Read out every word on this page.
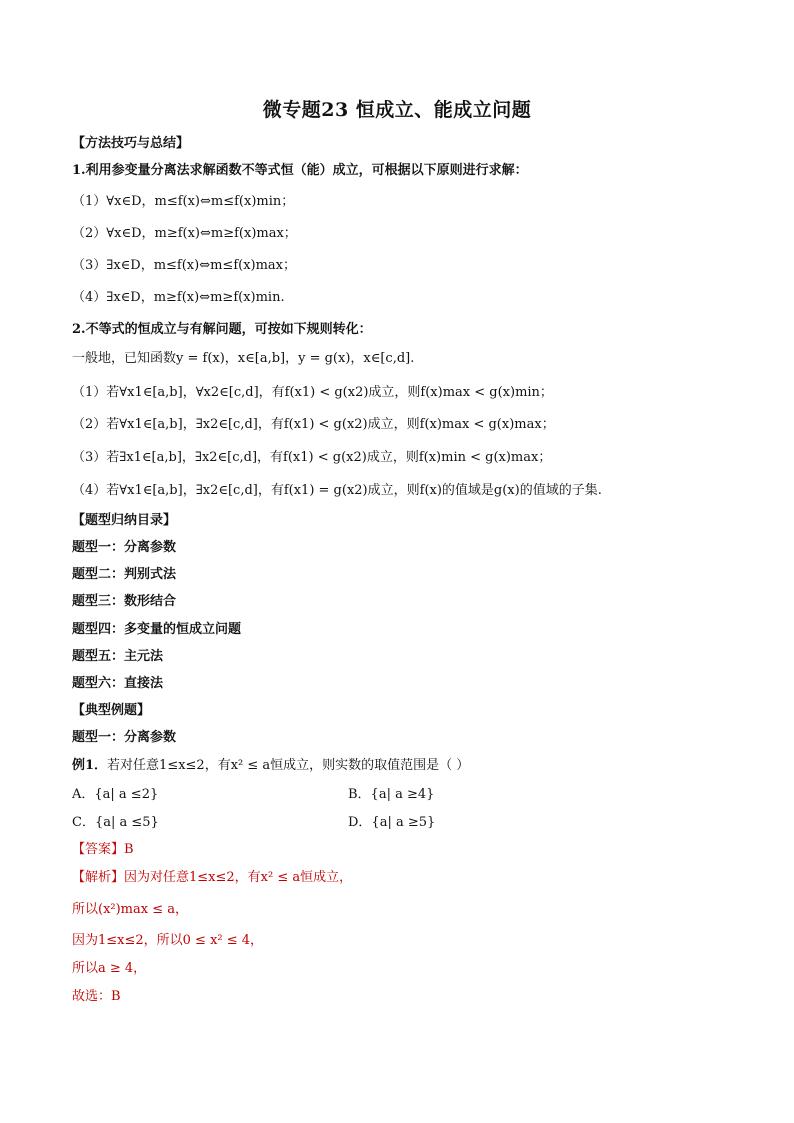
微专题23 恒成立、能成立问题
【方法技巧与总结】
1.利用参变量分离法求解函数不等式恒（能）成立，可根据以下原则进行求解：
（1）∀x∈D，m≤f(x)⇔m≤f(x)min；
（2）∀x∈D，m≥f(x)⇔m≥f(x)max；
（3）∃x∈D，m≤f(x)⇔m≤f(x)max；
（4）∃x∈D，m≥f(x)⇔m≥f(x)min.
2.不等式的恒成立与有解问题，可按如下规则转化：
一般地，已知函数y = f(x)，x∈[a,b]，y = g(x)，x∈[c,d].
（1）若∀x1∈[a,b]，∀x2∈[c,d]，有f(x1) < g(x2)成立，则f(x)max < g(x)min；
（2）若∀x1∈[a,b]，∃x2∈[c,d]，有f(x1) < g(x2)成立，则f(x)max < g(x)max；
（3）若∃x1∈[a,b]，∃x2∈[c,d]，有f(x1) < g(x2)成立，则f(x)min < g(x)max；
（4）若∀x1∈[a,b]，∃x2∈[c,d]，有f(x1) = g(x2)成立，则f(x)的值域是g(x)的值域的子集.
【题型归纳目录】
题型一：分离参数
题型二：判别式法
题型三：数形结合
题型四：多变量的恒成立问题
题型五：主元法
题型六：直接法
【典型例题】
题型一：分离参数
例1．若对任意1≤x≤2，有x² ≤ a恒成立，则实数的取值范围是（ ）
A．{a| a ≤2}	B．{a| a ≥4}
C．{a| a ≤5}	D．{a| a ≥5}
【答案】B
【解析】因为对任意1≤x≤2，有x² ≤ a恒成立，
所以(x²)max ≤ a，
因为1≤x≤2，所以0 ≤ x² ≤ 4，
所以a ≥ 4，
故选：B
